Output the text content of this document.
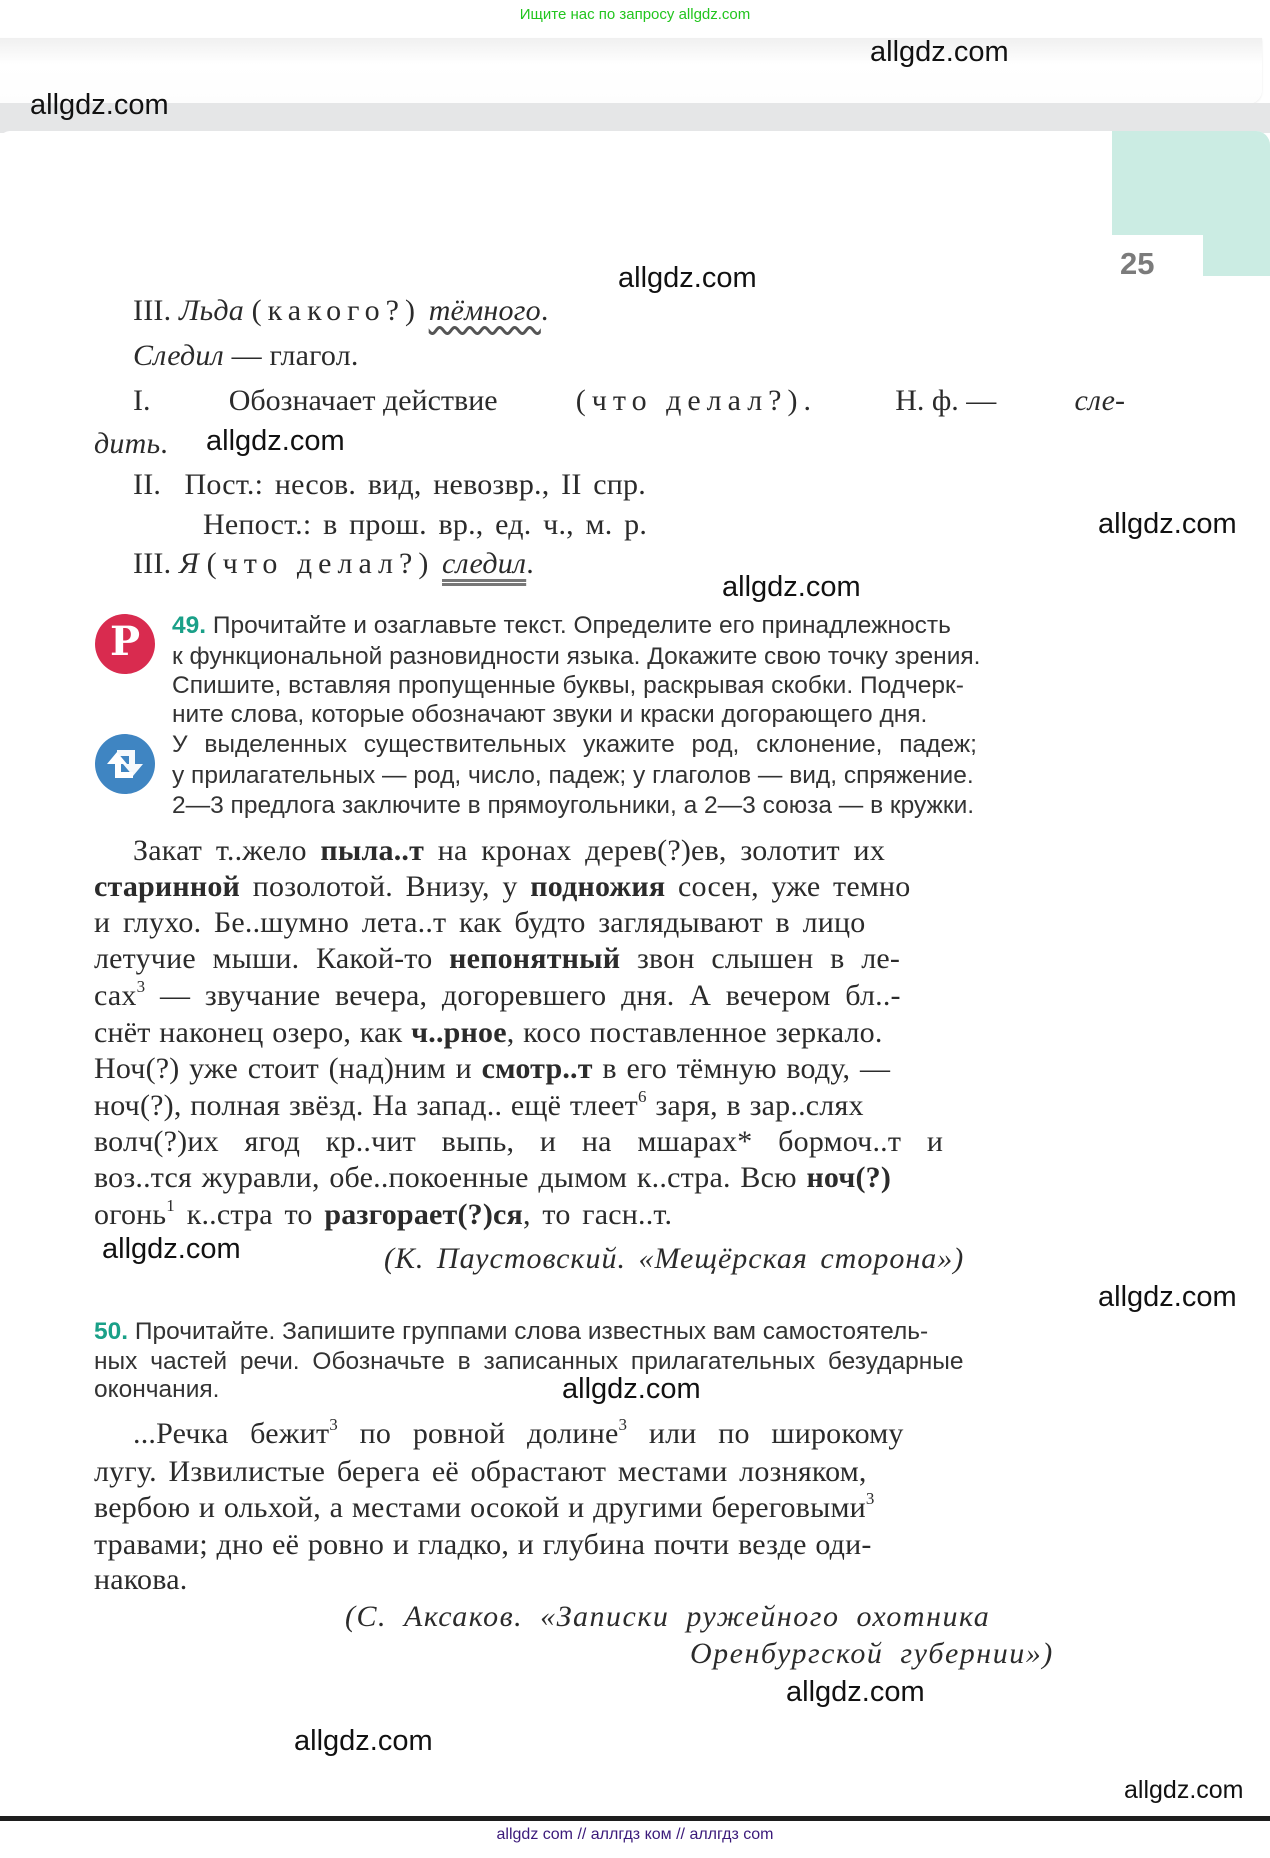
Ищите нас по запросу allgdz.com
25
III. Льда (какого?) тёмного.
Следил — глагол.
I.	Обозначает действие	(что делал?).	Н. ф. —	сле-
дить.
II. Пост.: несов. вид, невозвр., II спр.
Непост.: в прош. вр., ед. ч., м. р.
III. Я (что делал?) следил.
P	49. Прочитайте и озаглавьте текст. Определите его принадлежность
к функциональной разновидности языка. Докажите свою точку зрения.
Спишите, вставляя пропущенные буквы, раскрывая скобки. Подчерк-
ните слова, которые обозначают звуки и краски догорающего дня.
У выделенных существительных укажите род, склонение, падеж;
у прилагательных — род, число, падеж; у глаголов — вид, спряжение.
2—3 предлога заключите в прямоугольники, а 2—3 союза — в кружки.
Закат т..жело пыла..т на кронах дерев(?)ев, золотит их
старинной позолотой. Внизу, у подножия сосен, уже темно
и глухо. Бе..шумно лета..т как будто заглядывают в лицо
летучие мыши. Какой-то непонятный звон слышен в ле-
сах$^3$ — звучание вечера, догоревшего дня. А вечером бл..-
снёт наконец озеро, как ч..рное, косо поставленное зеркало.
Ноч(?) уже стоит (над)ним и смотр..т в его тёмную воду, —
ноч(?), полная звёзд. На запад.. ещё тлеет$^6$ заря, в зар..слях
волч(?)их ягод кр..чит выпь, и на мшарах* бормоч..т и
воз..тся журавли, обе..покоенные дымом к..стра. Всю ноч(?)
огонь$^1$ к..стра то разгорает(?)ся, то гасн..т.
(К. Паустовский. «Мещёрская сторона»)
50. Прочитайте. Запишите группами слова известных вам самостоятель-
ных частей речи. Обозначьте в записанных прилагательных безударные
окончания.
...Речка бежит$^3$ по ровной долине$^3$ или по широкому
лугу. Извилистые берега её обрастают местами лозняком,
вербою и ольхой, а местами осокой и другими береговыми$^3$
травами; дно её ровно и гладко, и глубина почти везде оди-
накова.
(С. Аксаков. «Записки ружейного охотника
Оренбургской губернии»)
allgdz.com
allgdz.com
allgdz.com
allgdz.com
allgdz.com
allgdz.com
allgdz.com
allgdz.com
allgdz.com
allgdz.com
allgdz.com
allgdz.com
allgdz com // аллгдз ком // аллгдз com
